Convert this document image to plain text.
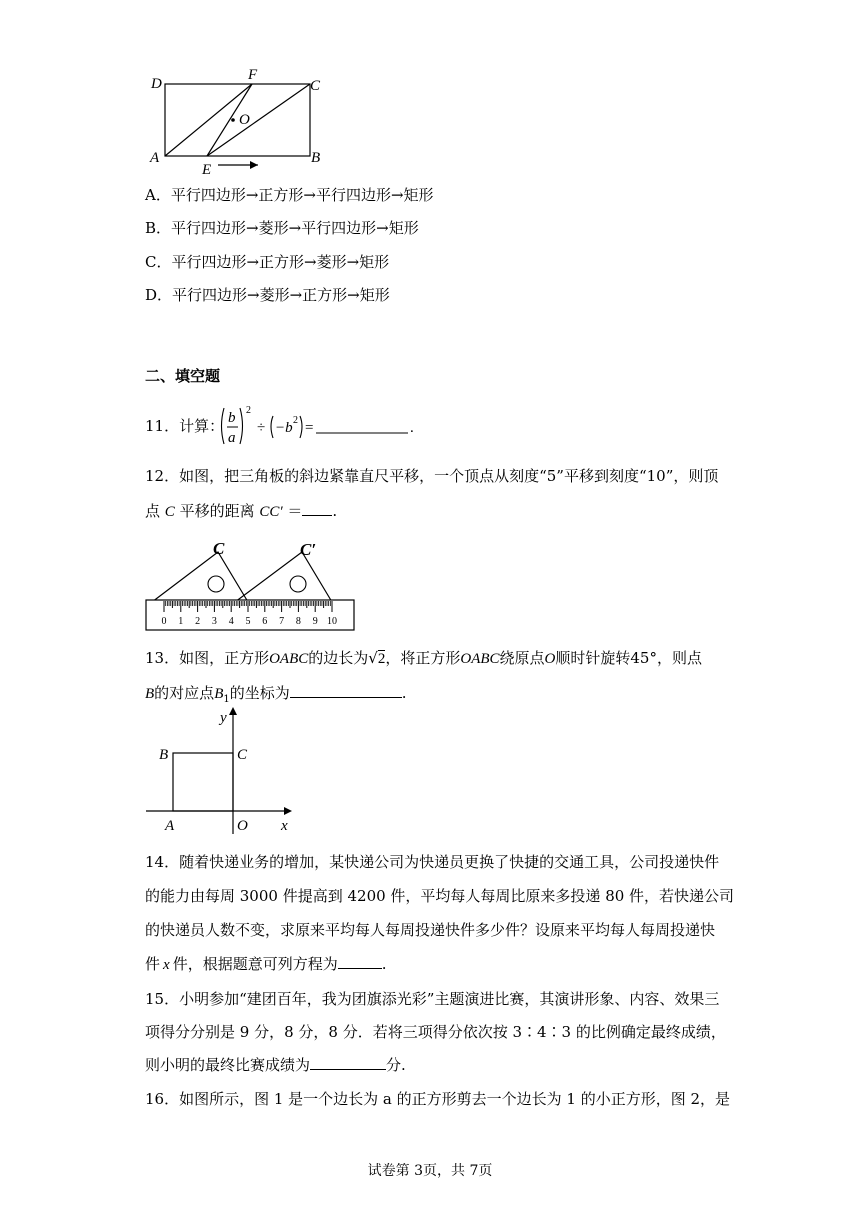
D
F
C
O
A
E
B
A．平行四边形→正方形→平行四边形→矩形
B．平行四边形→菱形→平行四边形→矩形
C．平行四边形→正方形→菱形→矩形
D．平行四边形→菱形→正方形→矩形
二、填空题
11．计算： b
a
2
÷ −b 2 =	.
12．如图，把三角板的斜边紧靠直尺平移，一个顶点从刻度“5”平移到刻度“10”，则顶
点 C 平移的距离 CC′ ＝ .
C	C′
0 1 2 3 4 5 6 7 8 9 10
13．如图，正方形OABC的边长为√2，将正方形OABC绕原点O顺时针旋转45°，则点
B的对应点$B_1$的坐标为	.
y
x
B	C
A	O
14．随着快递业务的增加，某快递公司为快递员更换了快捷的交通工具，公司投递快件
的能力由每周 3000 件提高到 4200 件，平均每人每周比原来多投递 80 件，若快递公司
的快递员人数不变，求原来平均每人每周投递快件多少件？设原来平均每人每周投递快
件 x 件，根据题意可列方程为	.
15．小明参加“建团百年，我为团旗添光彩”主题演进比赛，其演讲形象、内容、效果三
项得分分别是 9 分，8 分，8 分．若将三项得分依次按 3∶4∶3 的比例确定最终成绩，
则小明的最终比赛成绩为	分.
16．如图所示，图 1 是一个边长为 a 的正方形剪去一个边长为 1 的小正方形，图 2，是
试卷第 3页，共 7页
